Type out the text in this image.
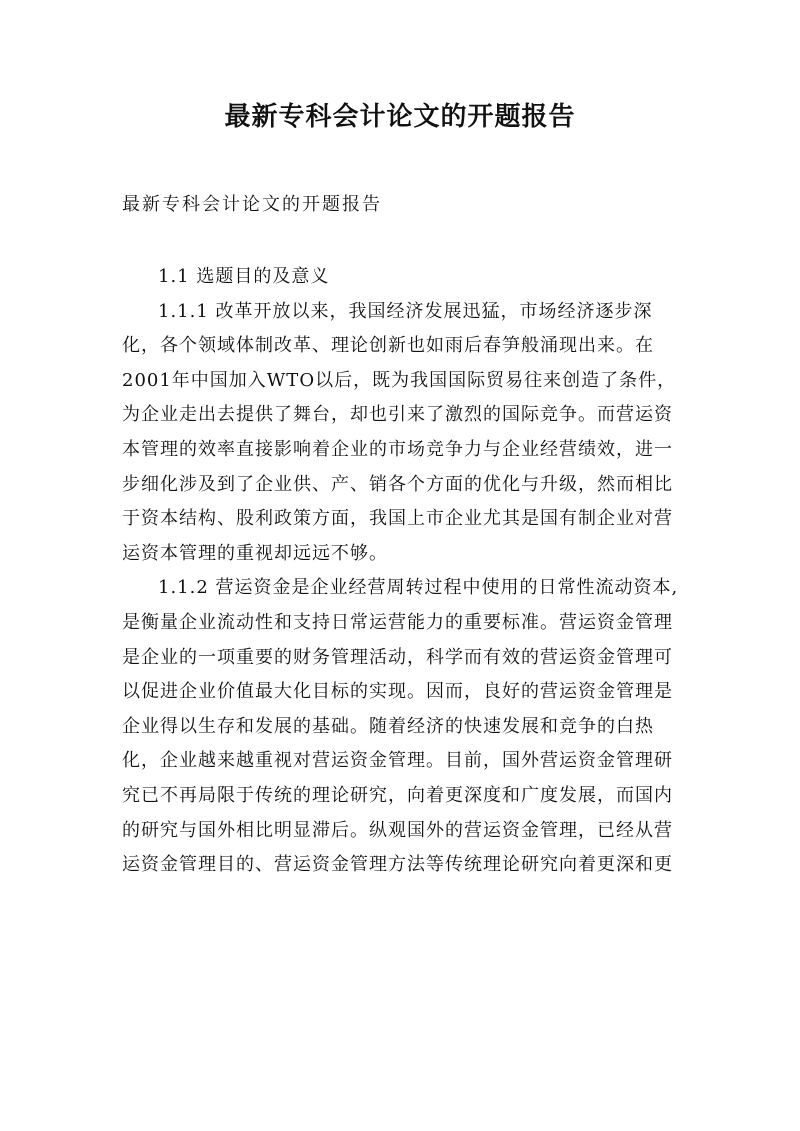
最新专科会计论文的开题报告

最新专科会计论文的开题报告

1.1 选题目的及意义

1.1.1 改革开放以来，我国经济发展迅猛，市场经济逐步深化，各个领域体制改革、理论创新也如雨后春笋般涌现出来。在2001年中国加入WTO以后，既为我国国际贸易往来创造了条件，为企业走出去提供了舞台，却也引来了激烈的国际竞争。而营运资本管理的效率直接影响着企业的市场竞争力与企业经营绩效，进一步细化涉及到了企业供、产、销各个方面的优化与升级，然而相比于资本结构、股利政策方面，我国上市企业尤其是国有制企业对营运资本管理的重视却远远不够。

1.1.2 营运资金是企业经营周转过程中使用的日常性流动资本,是衡量企业流动性和支持日常运营能力的重要标准。营运资金管理是企业的一项重要的财务管理活动，科学而有效的营运资金管理可以促进企业价值最大化目标的实现。因而，良好的营运资金管理是企业得以生存和发展的基础。随着经济的快速发展和竞争的白热化，企业越来越重视对营运资金管理。目前，国外营运资金管理研究已不再局限于传统的理论研究，向着更深度和广度发展，而国内的研究与国外相比明显滞后。纵观国外的营运资金管理，已经从营运资金管理目的、营运资金管理方法等传统理论研究向着更深和更
